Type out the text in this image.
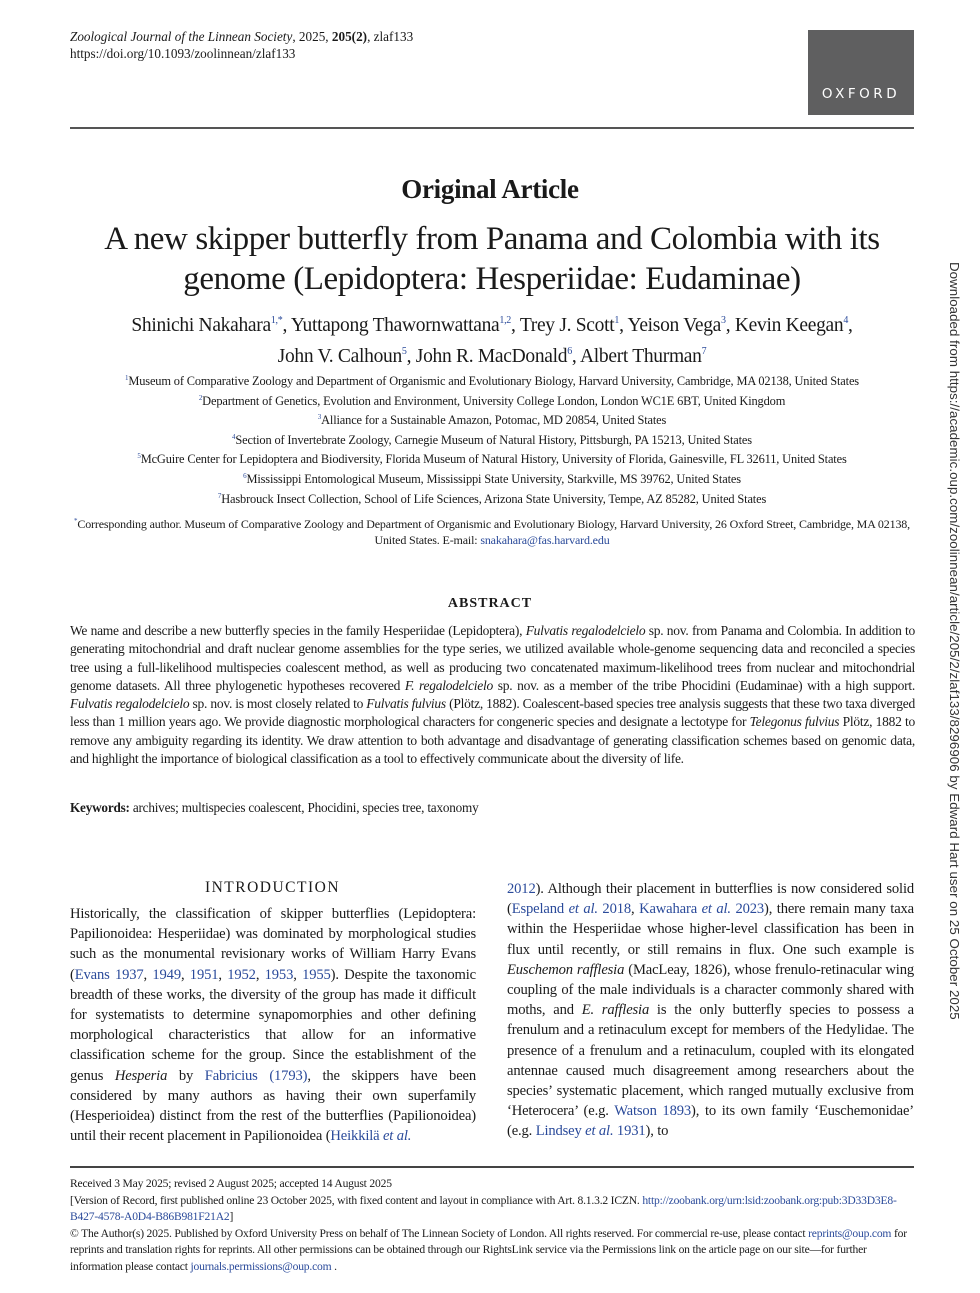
Zoological Journal of the Linnean Society, 2025, 205(2), zlaf133
https://doi.org/10.1093/zoolinnean/zlaf133
OXFORD
Original Article
A new skipper butterfly from Panama and Colombia with its genome (Lepidoptera: Hesperiidae: Eudaminae)
Shinichi Nakahara$^{1,*}$, Yuttapong Thawornwattana$^{1,2}$, Trey J. Scott$^1$, Yeison Vega$^3$, Kevin Keegan$^4$,
John V. Calhoun$^5$, John R. MacDonald$^6$, Albert Thurman$^7$
$^1$Museum of Comparative Zoology and Department of Organismic and Evolutionary Biology, Harvard University, Cambridge, MA 02138, United States
$^2$Department of Genetics, Evolution and Environment, University College London, London WC1E 6BT, United Kingdom
$^3$Alliance for a Sustainable Amazon, Potomac, MD 20854, United States
$^4$Section of Invertebrate Zoology, Carnegie Museum of Natural History, Pittsburgh, PA 15213, United States
$^5$McGuire Center for Lepidoptera and Biodiversity, Florida Museum of Natural History, University of Florida, Gainesville, FL 32611, United States
$^6$Mississippi Entomological Museum, Mississippi State University, Starkville, MS 39762, United States
$^7$Hasbrouck Insect Collection, School of Life Sciences, Arizona State University, Tempe, AZ 85282, United States
*Corresponding author. Museum of Comparative Zoology and Department of Organismic and Evolutionary Biology, Harvard University, 26 Oxford Street, Cambridge, MA 02138, United States. E-mail: snakahara@fas.harvard.edu
ABSTRACT
We name and describe a new butterfly species in the family Hesperiidae (Lepidoptera), Fulvatis regalodelcielo sp. nov. from Panama and Colombia. In addition to generating mitochondrial and draft nuclear genome assemblies for the type series, we utilized available whole-genome sequencing data and reconciled a species tree using a full-likelihood multispecies coalescent method, as well as producing two concatenated maximum-likelihood trees from nuclear and mitochondrial genome datasets. All three phylogenetic hypotheses recovered F. regalodelcielo sp. nov. as a member of the tribe Phocidini (Eudaminae) with a high support. Fulvatis regalodelcielo sp. nov. is most closely related to Fulvatis fulvius (Plötz, 1882). Coalescent-based species tree analysis suggests that these two taxa diverged less than 1 million years ago. We provide diagnostic morphological characters for congeneric species and designate a lectotype for Telegonus fulvius Plötz, 1882 to remove any ambiguity regarding its identity. We draw attention to both advantage and disadvantage of generating classification schemes based on genomic data, and highlight the importance of biological classification as a tool to effectively communicate about the diversity of life.
Keywords: archives; multispecies coalescent, Phocidini, species tree, taxonomy
INTRODUCTION
Historically, the classification of skipper butterflies (Lepidoptera: Papilionoidea: Hesperiidae) was dominated by morphological studies such as the monumental revisionary works of William Harry Evans (Evans 1937, 1949, 1951, 1952, 1953, 1955). Despite the taxonomic breadth of these works, the diversity of the group has made it difficult for systematists to determine synapomorphies and other defining morphological characteristics that allow for an informative classification scheme for the group. Since the establishment of the genus Hesperia by Fabricius (1793), the skippers have been considered by many authors as having their own superfamily (Hesperioidea) distinct from the rest of the butterflies (Papilionoidea) until their recent placement in Papilionoidea (Heikkilä et al.
2012). Although their placement in butterflies is now considered solid (Espeland et al. 2018, Kawahara et al. 2023), there remain many taxa within the Hesperiidae whose higher-level classification has been in flux until recently, or still remains in flux. One such example is Euschemon rafflesia (MacLeay, 1826), whose frenulo-retinacular wing coupling of the male individuals is a character commonly shared with moths, and E. rafflesia is the only butterfly species to possess a frenulum and a retinaculum except for members of the Hedylidae. The presence of a frenulum and a retinaculum, coupled with its elongated antennae caused much disagreement among researchers about the species’ systematic placement, which ranged mutually exclusive from ‘Heterocera’ (e.g. Watson 1893), to its own family ‘Euschemonidae’ (e.g. Lindsey et al. 1931), to
Received 3 May 2025; revised 2 August 2025; accepted 14 August 2025
[Version of Record, first published online 23 October 2025, with fixed content and layout in compliance with Art. 8.1.3.2 ICZN. http://zoobank.org/urn:lsid:zoobank.org:pub:3D33D3E8-B427-4578-A0D4-B86B981F21A2]
© The Author(s) 2025. Published by Oxford University Press on behalf of The Linnean Society of London. All rights reserved. For commercial re-use, please contact reprints@oup.com for reprints and translation rights for reprints. All other permissions can be obtained through our RightsLink service via the Permissions link on the article page on our site—for further information please contact journals.permissions@oup.com .
Downloaded from https://academic.oup.com/zoolinnean/article/205/2/zlaf133/8296906 by Edward Hart user on 25 October 2025
